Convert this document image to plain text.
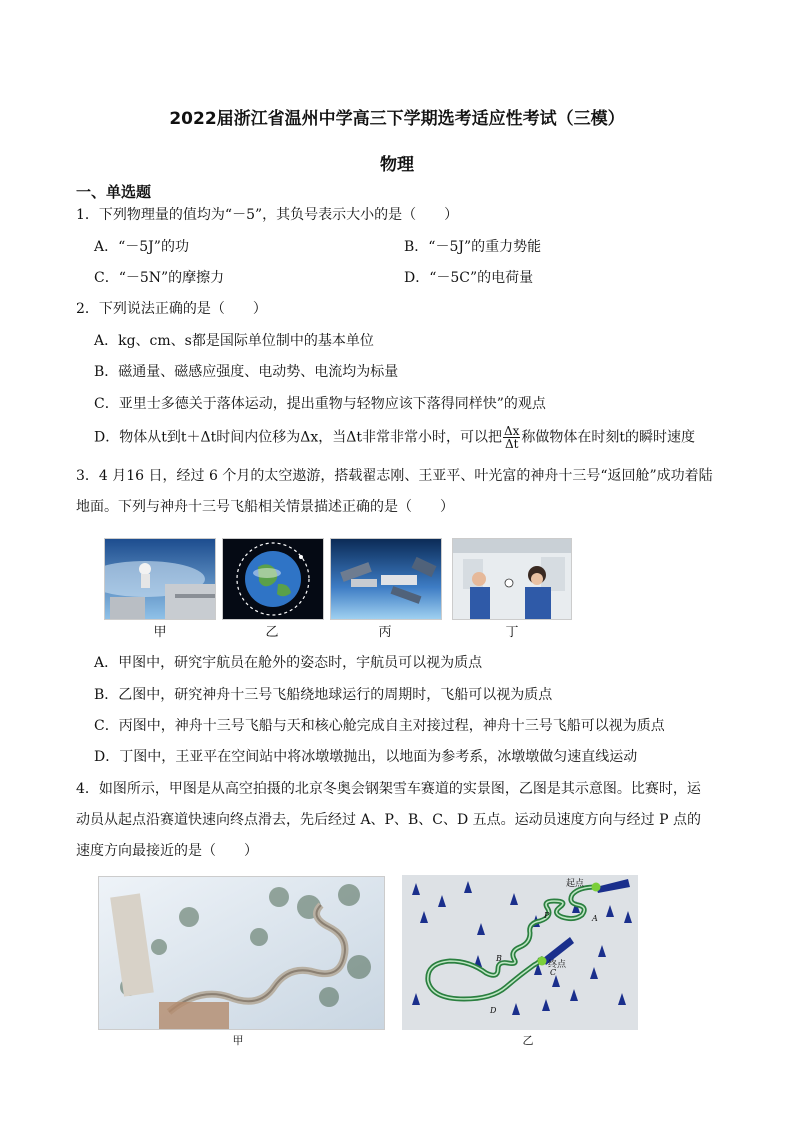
2022届浙江省温州中学高三下学期选考适应性考试（三模）
物理
一、单选题
1．下列物理量的值均为“－5”，其负号表示大小的是（　　）
A．“－5J”的功	B．“－5J”的重力势能
C．“－5N”的摩擦力	D．“－5C”的电荷量
2．下列说法正确的是（　　）
A．kg、cm、s都是国际单位制中的基本单位
B．磁通量、磁感应强度、电动势、电流均为标量
C．亚里士多德关于落体运动，提出重物与轻物应该下落得同样快”的观点
D．物体从t到t＋Δt时间内位移为Δx，当Δt非常非常小时，可以把 $\frac{\Delta x}{\Delta t}$ 称做物体在时刻t的瞬时速度
3．4 月16 日，经过 6 个月的太空遨游，搭载翟志刚、王亚平、叶光富的神舟十三号“返回舱”成功着陆
地面。下列与神舟十三号飞船相关情景描述正确的是（　　）
甲	乙	丙	丁
A．甲图中，研究宇航员在舱外的姿态时，宇航员可以视为质点
B．乙图中，研究神舟十三号飞船绕地球运行的周期时，飞船可以视为质点
C．丙图中，神舟十三号飞船与天和核心舱完成自主对接过程，神舟十三号飞船可以视为质点
D．丁图中，王亚平在空间站中将冰墩墩抛出，以地面为参考系，冰墩墩做匀速直线运动
4．如图所示，甲图是从高空拍摄的北京冬奥会钢架雪车赛道的实景图，乙图是其示意图。比赛时，运
动员从起点沿赛道快速向终点滑去，先后经过 A、P、B、C、D 五点。运动员速度方向与经过 P 点的
速度方向最接近的是（　　）
甲
起点
终点
P	A
B
C
D
乙
